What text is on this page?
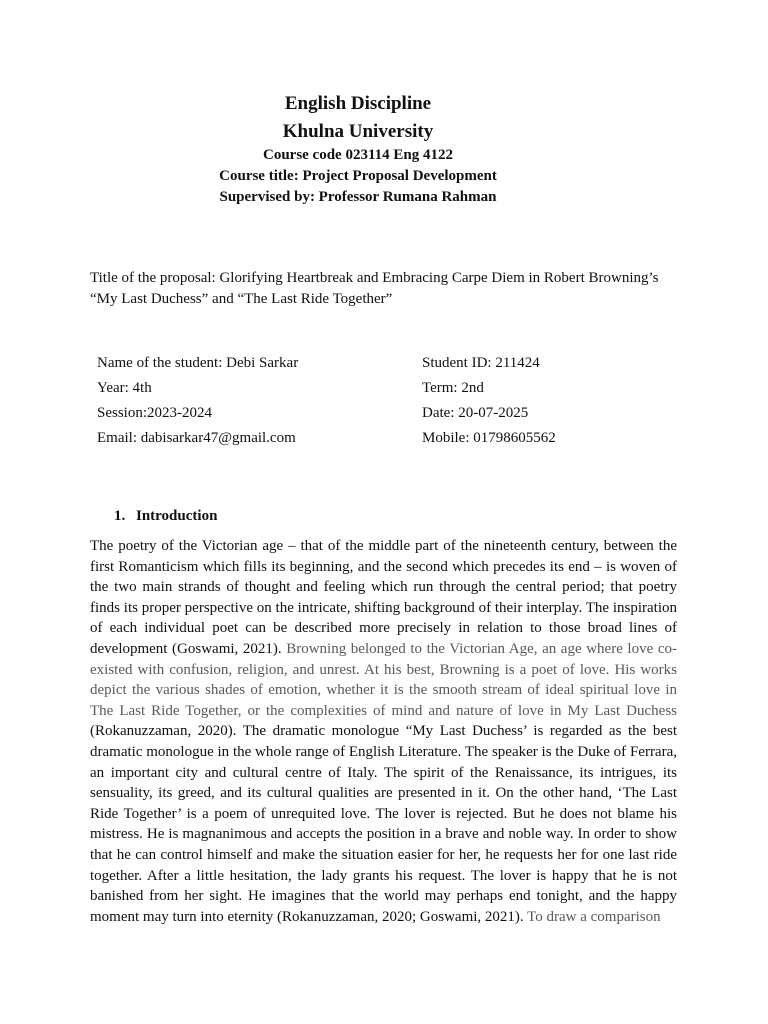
English Discipline
Khulna University
Course code 023114 Eng 4122
Course title: Project Proposal Development
Supervised by: Professor Rumana Rahman
Title of the proposal: Glorifying Heartbreak and Embracing Carpe Diem in Robert Browning’s “My Last Duchess” and “The Last Ride Together”
Name of the student: Debi Sarkar	Student ID: 211424
Year: 4th	Term: 2nd
Session:2023-2024	Date: 20-07-2025
Email: dabisarkar47@gmail.com	Mobile: 01798605562
1. Introduction
The poetry of the Victorian age – that of the middle part of the nineteenth century, between the first Romanticism which fills its beginning, and the second which precedes its end – is woven of the two main strands of thought and feeling which run through the central period; that poetry finds its proper perspective on the intricate, shifting background of their interplay. The inspiration of each individual poet can be described more precisely in relation to those broad lines of development (Goswami, 2021). Browning belonged to the Victorian Age, an age where love co-existed with confusion, religion, and unrest. At his best, Browning is a poet of love. His works depict the various shades of emotion, whether it is the smooth stream of ideal spiritual love in The Last Ride Together, or the complexities of mind and nature of love in My Last Duchess (Rokanuzzaman, 2020). The dramatic monologue “My Last Duchess’ is regarded as the best dramatic monologue in the whole range of English Literature. The speaker is the Duke of Ferrara, an important city and cultural centre of Italy. The spirit of the Renaissance, its intrigues, its sensuality, its greed, and its cultural qualities are presented in it. On the other hand, ‘The Last Ride Together’ is a poem of unrequited love. The lover is rejected. But he does not blame his mistress. He is magnanimous and accepts the position in a brave and noble way. In order to show that he can control himself and make the situation easier for her, he requests her for one last ride together. After a little hesitation, the lady grants his request. The lover is happy that he is not banished from her sight. He imagines that the world may perhaps end tonight, and the happy moment may turn into eternity (Rokanuzzaman, 2020; Goswami, 2021). To draw a comparison
